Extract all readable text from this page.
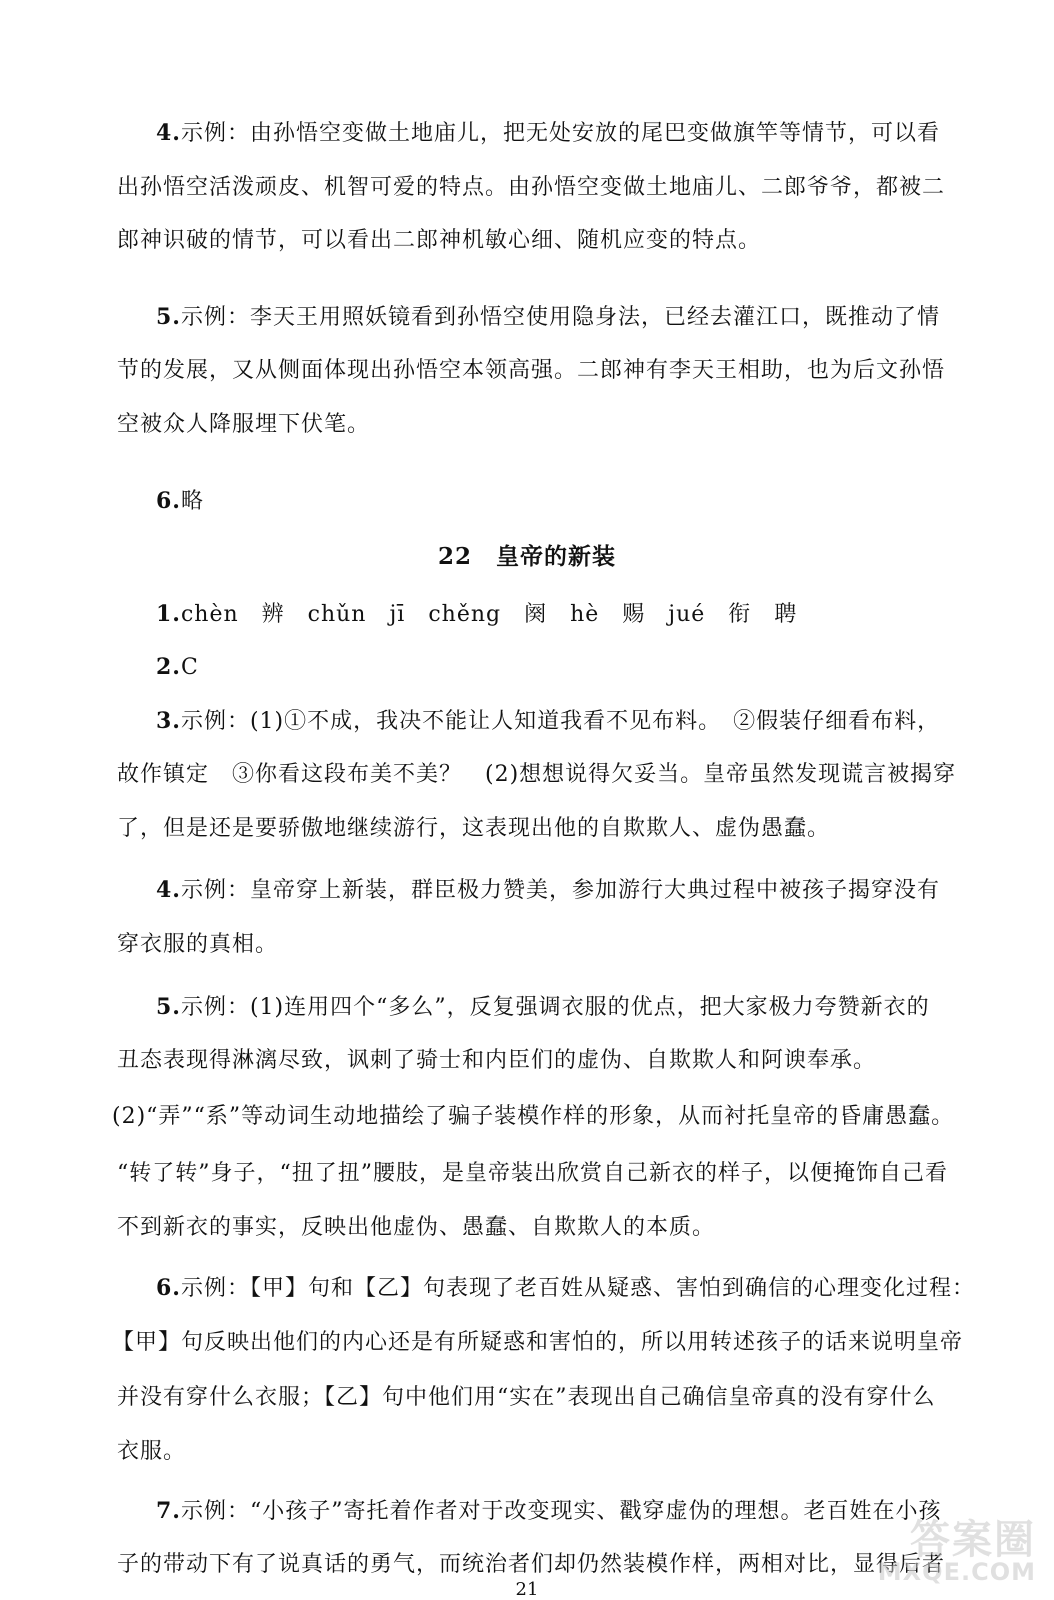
4.示例：由孙悟空变做土地庙儿，把无处安放的尾巴变做旗竿等情节，可以看
出孙悟空活泼顽皮、机智可爱的特点。由孙悟空变做土地庙儿、二郎爷爷，都被二
郎神识破的情节，可以看出二郎神机敏心细、随机应变的特点。
5.示例：李天王用照妖镜看到孙悟空使用隐身法，已经去灌江口，既推动了情
节的发展，又从侧面体现出孙悟空本领高强。二郎神有李天王相助，也为后文孙悟
空被众人降服埋下伏笔。
6.略
22　 皇帝的新装
1.chèn　辨　chǔn　jī　chěng　阕　hè　赐　jué　衔　聘
2.C
3.示例：(1)①不成，我决不能让人知道我看不见布料。　②假装仔细看布料，
故作镇定　③你看这段布美不美？　(2)想想说得欠妥当。皇帝虽然发现谎言被揭穿
了，但是还是要骄傲地继续游行，这表现出他的自欺欺人、虚伪愚蠢。
4.示例：皇帝穿上新装，群臣极力赞美，参加游行大典过程中被孩子揭穿没有
穿衣服的真相。
5.示例：(1)连用四个“多么”，反复强调衣服的优点，把大家极力夸赞新衣的
丑态表现得淋漓尽致，讽刺了骑士和内臣们的虚伪、自欺欺人和阿谀奉承。
(2)“弄”“系”等动词生动地描绘了骗子装模作样的形象，从而衬托皇帝的昏庸愚蠢。
“转了转”身子，“扭了扭”腰肢，是皇帝装出欣赏自己新衣的样子，以便掩饰自己看
不到新衣的事实，反映出他虚伪、愚蠢、自欺欺人的本质。
6.示例：【甲】句和【乙】句表现了老百姓从疑惑、害怕到确信的心理变化过程：
【甲】句反映出他们的内心还是有所疑惑和害怕的，所以用转述孩子的话来说明皇帝
并没有穿什么衣服；【乙】句中他们用“实在”表现出自己确信皇帝真的没有穿什么
衣服。
7.示例：“小孩子”寄托着作者对于改变现实、戳穿虚伪的理想。老百姓在小孩
子的带动下有了说真话的勇气，而统治者们却仍然装模作样，两相对比，显得后者
21
答案圈
MXQE.COM
